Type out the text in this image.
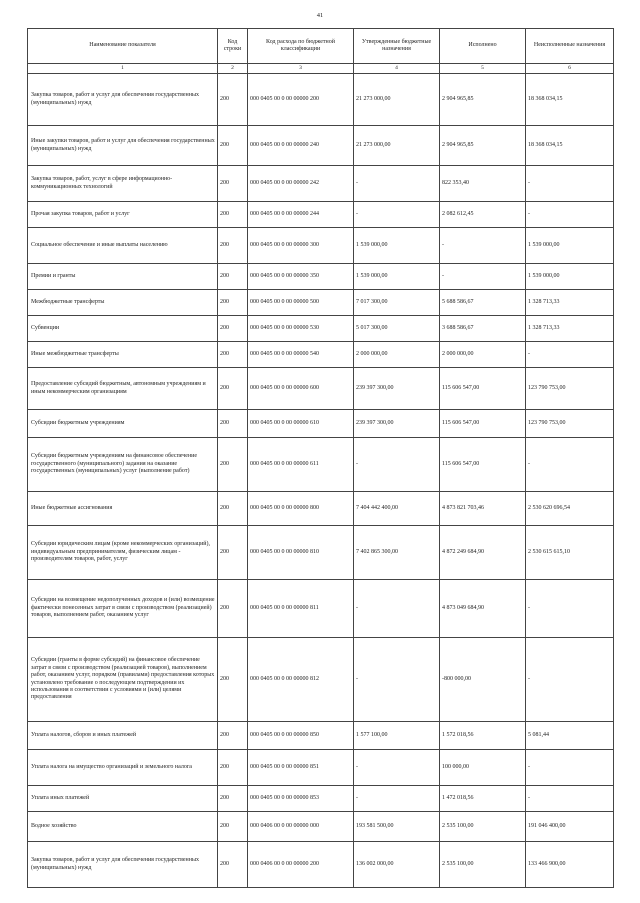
41
Наименование показателя	Код строки	Код расхода по бюджетной классификации	Утвержденные бюджетные назначения	Исполнено	Неисполненные назначения
1	2	3	4	5	6
Закупка товаров, работ и услуг для обеспечения государственных (муниципальных) нужд	200	000 0405 00 0 00 00000 200	21 273 000,00	2 904 965,85	18 368 034,15
Иные закупки товаров, работ и услуг для обеспечения государственных (муниципальных) нужд	200	000 0405 00 0 00 00000 240	21 273 000,00	2 904 965,85	18 368 034,15
Закупка товаров, работ, услуг в сфере информационно-коммуникационных технологий	200	000 0405 00 0 00 00000 242	-	822 353,40	-
Прочая закупка товаров, работ и услуг	200	000 0405 00 0 00 00000 244	-	2 082 612,45	-
Социальное обеспечение и иные выплаты населению	200	000 0405 00 0 00 00000 300	1 539 000,00	-	1 539 000,00
Премии и гранты	200	000 0405 00 0 00 00000 350	1 539 000,00	-	1 539 000,00
Межбюджетные трансферты	200	000 0405 00 0 00 00000 500	7 017 300,00	5 688 586,67	1 328 713,33
Субвенции	200	000 0405 00 0 00 00000 530	5 017 300,00	3 688 586,67	1 328 713,33
Иные межбюджетные трансферты	200	000 0405 00 0 00 00000 540	2 000 000,00	2 000 000,00	-
Предоставление субсидий бюджетным, автономным учреждениям и иным некоммерческим организациям	200	000 0405 00 0 00 00000 600	239 397 300,00	115 606 547,00	123 790 753,00
Субсидии бюджетным учреждениям	200	000 0405 00 0 00 00000 610	239 397 300,00	115 606 547,00	123 790 753,00
Субсидии бюджетным учреждениям на финансовое обеспечение государственного (муниципального) задания на оказание государственных (муниципальных) услуг (выполнение работ)	200	000 0405 00 0 00 00000 611	-	115 606 547,00	-
Иные бюджетные ассигнования	200	000 0405 00 0 00 00000 800	7 404 442 400,00	4 873 821 703,46	2 530 620 696,54
Субсидии юридическим лицам (кроме некоммерческих организаций), индивидуальным предпринимателям, физическим лицам - производителям товаров, работ, услуг	200	000 0405 00 0 00 00000 810	7 402 865 300,00	4 872 249 684,90	2 530 615 615,10
Субсидии на возмещение недополученных доходов и (или) возмещение фактически понесенных затрат в связи с производством (реализацией) товаров, выполнением работ, оказанием услуг	200	000 0405 00 0 00 00000 811	-	4 873 049 684,90	-
Субсидии (гранты в форме субсидий) на финансовое обеспечение затрат в связи с производством (реализацией товаров), выполнением работ, оказанием услуг, порядком (правилами) предоставления которых установлено требование о последующем подтверждении их использования в соответствии с условиями и (или) целями предоставления	200	000 0405 00 0 00 00000 812	-	-800 000,00	-
Уплата налогов, сборов и иных платежей	200	000 0405 00 0 00 00000 850	1 577 100,00	1 572 018,56	5 081,44
Уплата налога на имущество организаций и земельного налога	200	000 0405 00 0 00 00000 851	-	100 000,00	-
Уплата иных платежей	200	000 0405 00 0 00 00000 853	-	1 472 018,56	-
Водное хозяйство	200	000 0406 00 0 00 00000 000	193 581 500,00	2 535 100,00	191 046 400,00
Закупка товаров, работ и услуг для обеспечения государственных (муниципальных) нужд	200	000 0406 00 0 00 00000 200	136 002 000,00	2 535 100,00	133 466 900,00
